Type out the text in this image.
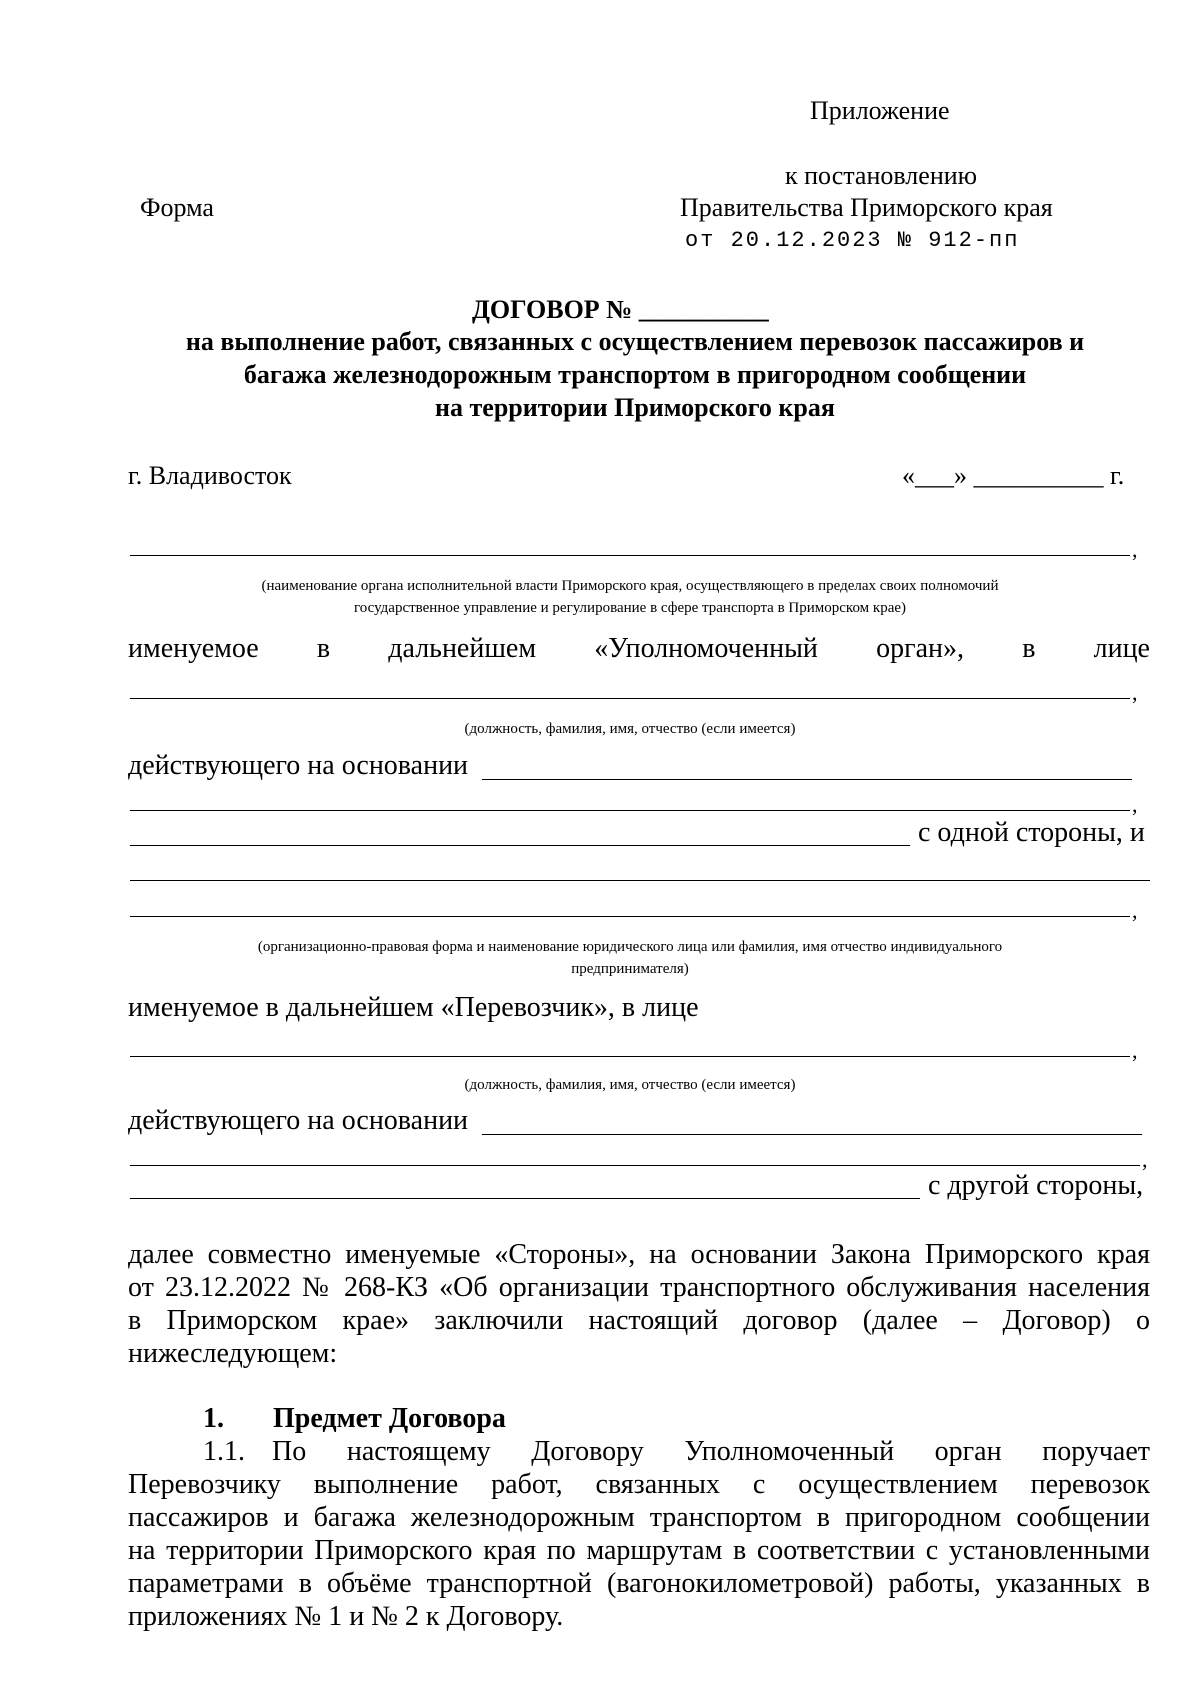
Приложение
к постановлению
Форма	Правительства Приморского края
от 20.12.2023 № 912-пп
ДОГОВОР № __________
на выполнение работ, связанных с осуществлением перевозок пассажиров и
багажа железнодорожным транспортом в пригородном сообщении
на территории Приморского края
г. Владивосток	«___» __________ г.
,
(наименование органа исполнительной власти Приморского края, осуществляющего в пределах своих полномочий
государственное управление и регулирование в сфере транспорта в Приморском крае)
именуемое в дальнейшем «Уполномоченный орган», в лице
,
(должность, фамилия, имя, отчество (если имеется)
действующего на основании
,
с одной стороны, и
,
(организационно-правовая форма и наименование юридического лица или фамилия, имя отчество индивидуального
предпринимателя)
именуемое в дальнейшем «Перевозчик», в лице
,
(должность, фамилия, имя, отчество (если имеется)
действующего на основании
,
с другой стороны,
далее совместно именуемые «Стороны», на основании Закона Приморского края
от 23.12.2022 № 268-КЗ «Об организации транспортного обслуживания населения
в Приморском крае» заключили настоящий договор (далее – Договор) о
нижеследующем:
1. Предмет Договора
1.1. По настоящему Договору Уполномоченный орган поручает
Перевозчику выполнение работ, связанных с осуществлением перевозок
пассажиров и багажа железнодорожным транспортом в пригородном сообщении
на территории Приморского края по маршрутам в соответствии с установленными
параметрами в объёме транспортной (вагонокилометровой) работы, указанных в
приложениях № 1 и № 2 к Договору.
